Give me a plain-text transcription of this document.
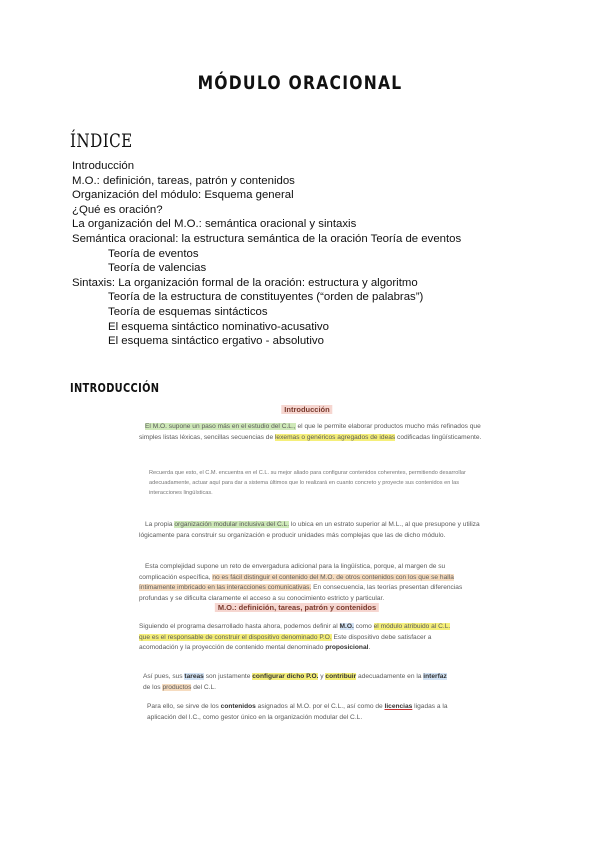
MÓDULO ORACIONAL
ÍNDICE
Introducción
M.O.: definición, tareas, patrón y contenidos
Organización del módulo: Esquema general
¿Qué es oración?
La organización del M.O.: semántica oracional y sintaxis
Semántica oracional: la estructura semántica de la oración Teoría de eventos
Teoría de eventos
Teoría de valencias
Sintaxis: La organización formal de la oración: estructura y algoritmo
Teoría de la estructura de constituyentes (“orden de palabras”)
Teoría de esquemas sintácticos
El esquema sintáctico nominativo-acusativo
El esquema sintáctico ergativo - absolutivo
INTRODUCCIÓN
Introducción

El M.O. supone un paso más en el estudio del C.L., el que le permite elaborar productos mucho más refinados que simples listas léxicas, sencillas secuencias de lexemas o genéricos agregados de ideas codificadas lingüísticamente.

Recuerda que esto, el C.M. encuentra en el C.L. su mejor aliado para configurar contenidos coherentes, permitiendo desarrollar adecuadamente, actuar aquí para dar a sistema últimos que lo realizará en cuanto concreto y proyecte sus contenidos en las interacciones lingüísticas.

La propia organización modular inclusiva del C.L. lo ubica en un estrato superior al M.L., al que presupone y utiliza lógicamente para construir su organización e producir unidades más complejas que las de dicho módulo.

Esta complejidad supone un reto de envergadura adicional para la lingüística, porque, al margen de su complicación específica, no es fácil distinguir el contenido del M.O. de otros contenidos con los que se halla íntimamente imbricado en las interacciones comunicativas. En consecuencia, las teorías presentan diferencias profundas y se dificulta claramente el acceso a su conocimiento estricto y particular.

M.O.: definición, tareas, patrón y contenidos

Siguiendo el programa desarrollado hasta ahora, podemos definir al M.O. como el módulo atribuido al C.L. que es el responsable de construir el dispositivo denominado P.O. Este dispositivo debe satisfacer a acomodación y la proyección de contenido mental denominado proposicional.

Así pues, sus tareas son justamente configurar dicho P.O. y contribuir adecuadamente en la interfaz de los productos del C.L.

Para ello, se sirve de los contenidos asignados al M.O. por el C.L., así como de licencias ligadas a la aplicación del I.C., como gestor único en la organización modular del C.L.
